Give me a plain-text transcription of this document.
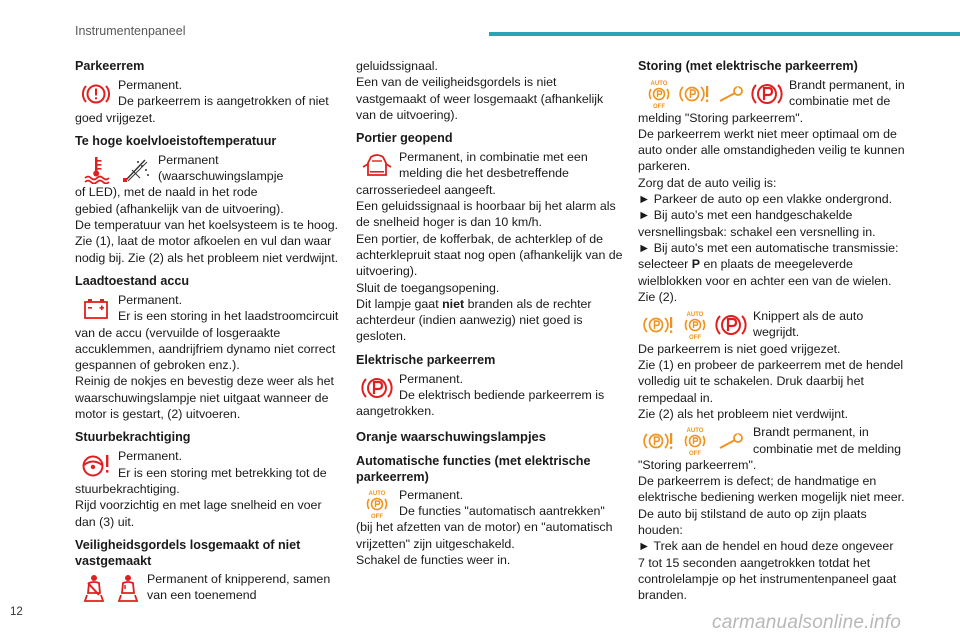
Instrumentenpaneel
Parkeerrem
Permanent.
De parkeerrem is aangetrokken of niet
goed vrijgezet.
Te hoge koelvloeistoftemperatuur
Permanent (waarschuwingslampje
of LED), met de naald in het rode
gebied (afhankelijk van de uitvoering).
De temperatuur van het koelsysteem is te hoog.
Zie (1), laat de motor afkoelen en vul dan waar
nodig bij. Zie (2) als het probleem niet verdwijnt.
Laadtoestand accu
Permanent.
Er is een storing in het laadstroomcircuit
van de accu (vervuilde of losgeraakte
accuklemmen, aandrijfriem dynamo niet correct
gespannen of gebroken enz.).
Reinig de nokjes en bevestig deze weer als het
waarschuwingslampje niet uitgaat wanneer de
motor is gestart, (2) uitvoeren.
Stuurbekrachtiging
Permanent.
Er is een storing met betrekking tot de
stuurbekrachtiging.
Rijd voorzichtig en met lage snelheid en voer
dan (3) uit.
Veiligheidsgordels losgemaakt of niet
vastgemaakt
Permanent of knipperend, samen
van een toenemend
geluidssignaal.
Een van de veiligheidsgordels is niet
vastgemaakt of weer losgemaakt (afhankelijk
van de uitvoering).
Portier geopend
Permanent, in combinatie met een
melding die het desbetreffende
carrosseriedeel aangeeft.
Een geluidssignaal is hoorbaar bij het alarm als
de snelheid hoger is dan 10 km/h.
Een portier, de kofferbak, de achterklep of de
achterklepruit staat nog open (afhankelijk van de
uitvoering).
Sluit de toegangsopening.
Dit lampje gaat niet branden als de rechter
achterdeur (indien aanwezig) niet goed is
gesloten.
Elektrische parkeerrem
Permanent.
De elektrisch bediende parkeerrem is
aangetrokken.
Oranje waarschuwingslampjes
Automatische functies (met elektrische
parkeerrem)
AUTO
OFF
Permanent.
De functies "automatisch aantrekken"
(bij het afzetten van de motor) en "automatisch
vrijzetten" zijn uitgeschakeld.
Schakel de functies weer in.
Storing (met elektrische parkeerrem)
AUTO
OFF
Brandt permanent, in
combinatie met de
melding "Storing parkeerrem".
De parkeerrem werkt niet meer optimaal om de
auto onder alle omstandigheden veilig te kunnen
parkeren.
Zorg dat de auto veilig is:
► Parkeer de auto op een vlakke ondergrond.
► Bij auto's met een handgeschakelde
versnellingsbak: schakel een versnelling in.
► Bij auto's met een automatische transmissie:
selecteer P en plaats de meegeleverde
wielblokken voor en achter een van de wielen.
Zie (2).
AUTO
OFF
Knippert als de auto
wegrijdt.
De parkeerrem is niet goed vrijgezet.
Zie (1) en probeer de parkeerrem met de hendel
volledig uit te schakelen. Druk daarbij het
rempedaal in.
Zie (2) als het probleem niet verdwijnt.
AUTO
OFF
Brandt permanent, in
combinatie met de melding
"Storing parkeerrem".
De parkeerrem is defect; de handmatige en
elektrische bediening werken mogelijk niet meer.
De auto bij stilstand de auto op zijn plaats
houden:
► Trek aan de hendel en houd deze ongeveer
7 tot 15 seconden aangetrokken totdat het
controlelampje op het instrumentenpaneel gaat
branden.
12	carmanualsonline.info
